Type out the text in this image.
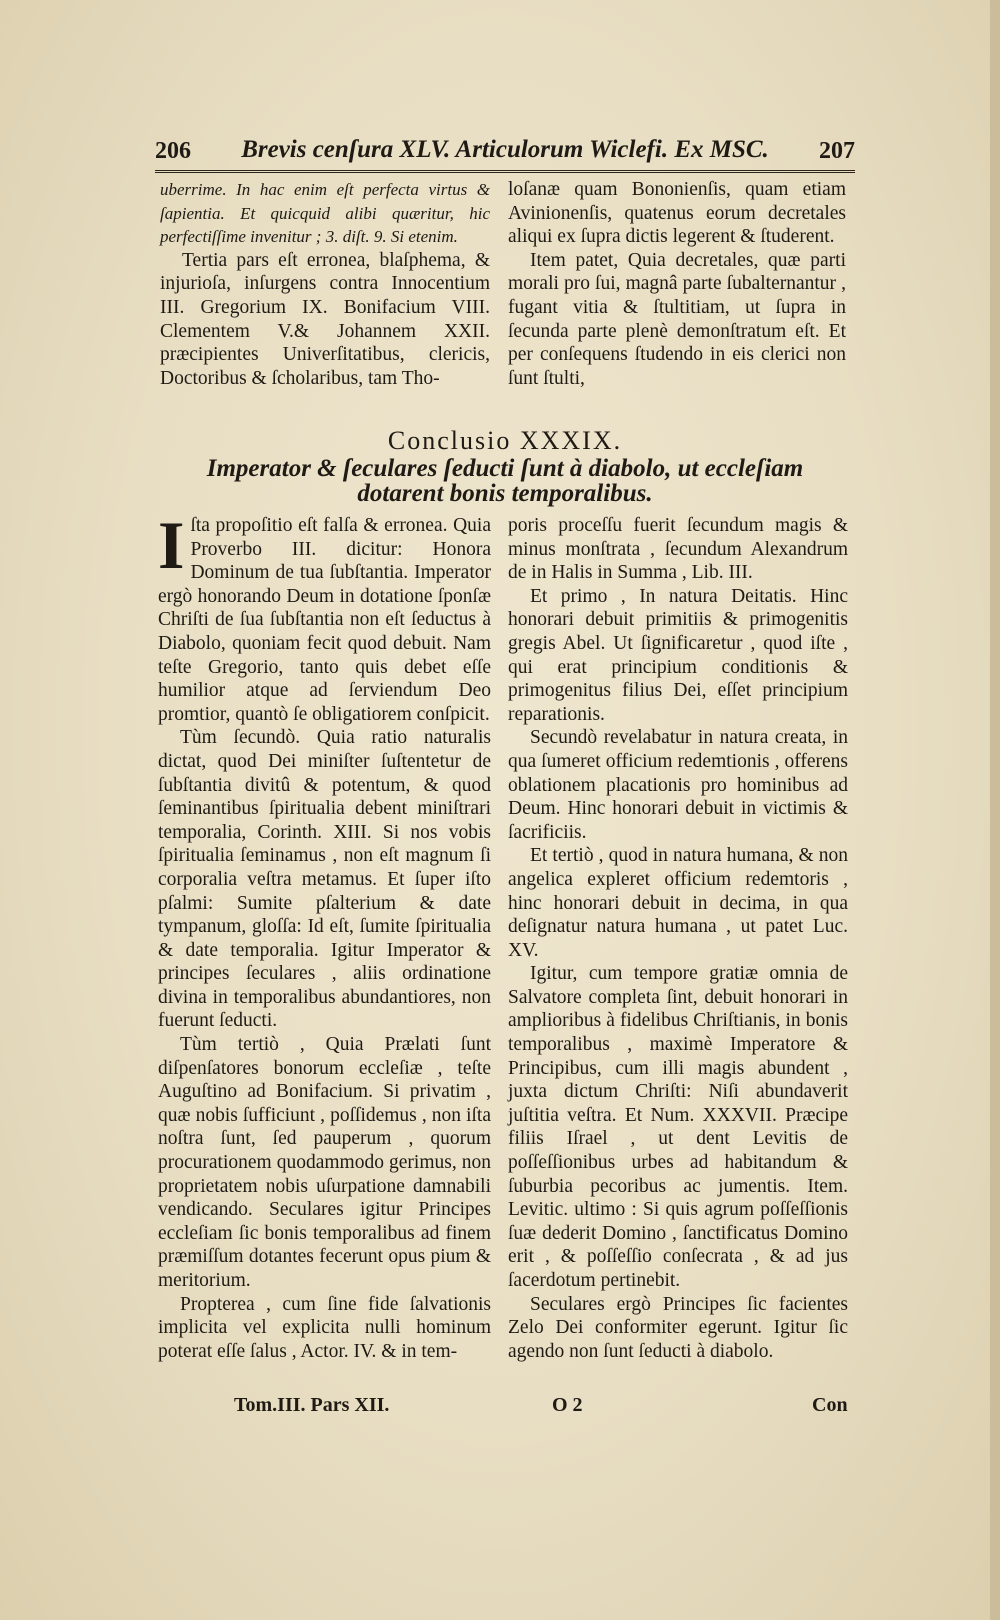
206 Brevis cenſura XLV. Articulorum Wiclefi. Ex MSC. 207

uberrime. In hac enim eſt perfecta virtus & ſapientia. Et quicquid alibi quæritur, hic perfectiſſime invenitur ; 3. diſt. 9. Si etenim.

Tertia pars eſt erronea, blaſphema, & injurioſa, inſurgens contra Innocentium III. Gregorium IX. Bonifacium VIII. Clementem V.& Johannem XXII. præcipientes Univerſitatibus, clericis, Doctoribus & ſcholaribus, tam Tho-

loſanæ quam Bononienſis, quam etiam Avinionenſis, quatenus eorum decretales aliqui ex ſupra dictis legerent & ſtuderent.

Item patet, Quia decretales, quæ parti morali pro ſui, magnâ parte ſubalternantur , fugant vitia & ſtultitiam, ut ſupra in ſecunda parte plenè demonſtratum eſt. Et per conſequens ſtudendo in eis clerici non ſunt ſtulti,

Conclusio XXXIX.
Imperator & ſeculares ſeducti ſunt à diabolo, ut eccleſiam dotarent bonis temporalibus.

Iſta propoſitio eſt falſa & erronea. Quia Proverbo III. dicitur: Honora Dominum de tua ſubſtantia. Imperator ergò honorando Deum in dotatione ſponſæ Chriſti de ſua ſubſtantia non eſt ſeductus à Diabolo, quoniam fecit quod debuit. Nam teſte Gregorio, tanto quis debet eſſe humilior atque ad ſerviendum Deo promtior, quantò ſe obligatiorem conſpicit.

Tùm ſecundò. Quia ratio naturalis dictat, quod Dei miniſter ſuſtentetur de ſubſtantia divitû & potentum, & quod ſeminantibus ſpiritualia debent miniſtrari temporalia, Corinth. XIII. Si nos vobis ſpiritualia ſeminamus , non eſt magnum ſi corporalia veſtra metamus. Et ſuper iſto pſalmi: Sumite pſalterium & date tympanum, gloſſa: Id eſt, ſumite ſpiritualia & date temporalia. Igitur Imperator & principes ſeculares , aliis ordinatione divina in temporalibus abundantiores, non fuerunt ſeducti.

Tùm tertiò , Quia Prælati ſunt diſpenſatores bonorum eccleſiæ , teſte Auguſtino ad Bonifacium. Si privatim , quæ nobis ſufficiunt , poſſidemus , non iſta noſtra ſunt, ſed pauperum , quorum procurationem quodammodo gerimus, non proprietatem nobis uſurpatione damnabili vendicando. Seculares igitur Principes eccleſiam ſic bonis temporalibus ad finem præmiſſum dotantes fecerunt opus pium & meritorium.

Propterea , cum ſine fide ſalvationis implicita vel explicita nulli hominum poterat eſſe ſalus , Actor. IV. & in tem-

poris proceſſu fuerit ſecundum magis & minus monſtrata , ſecundum Alexandrum de in Halis in Summa , Lib. III.

Et primo , In natura Deitatis. Hinc honorari debuit primitiis & primogenitis gregis Abel. Ut ſignificaretur , quod iſte , qui erat principium conditionis & primogenitus filius Dei, eſſet principium reparationis.

Secundò revelabatur in natura creata, in qua ſumeret officium redemtionis , offerens oblationem placationis pro hominibus ad Deum. Hinc honorari debuit in victimis & ſacrificiis.

Et tertiò , quod in natura humana, & non angelica expleret officium redemtoris , hinc honorari debuit in decima, in qua deſignatur natura humana , ut patet Luc. XV.

Igitur, cum tempore gratiæ omnia de Salvatore completa ſint, debuit honorari in amplioribus à fidelibus Chriſtianis, in bonis temporalibus , maximè Imperatore & Principibus, cum illi magis abundent , juxta dictum Chriſti: Niſi abundaverit juſtitia veſtra. Et Num. XXXVII. Præcipe filiis Iſrael , ut dent Levitis de poſſeſſionibus urbes ad habitandum & ſuburbia pecoribus ac jumentis. Item. Levitic. ultimo : Si quis agrum poſſeſſionis ſuæ dederit Domino , ſanctificatus Domino erit , & poſſeſſio conſecrata , & ad jus ſacerdotum pertinebit.

Seculares ergò Principes ſic facientes Zelo Dei conformiter egerunt. Igitur ſic agendo non ſunt ſeducti à diabolo.

Tom.III. Pars XII.	O 2	Con
